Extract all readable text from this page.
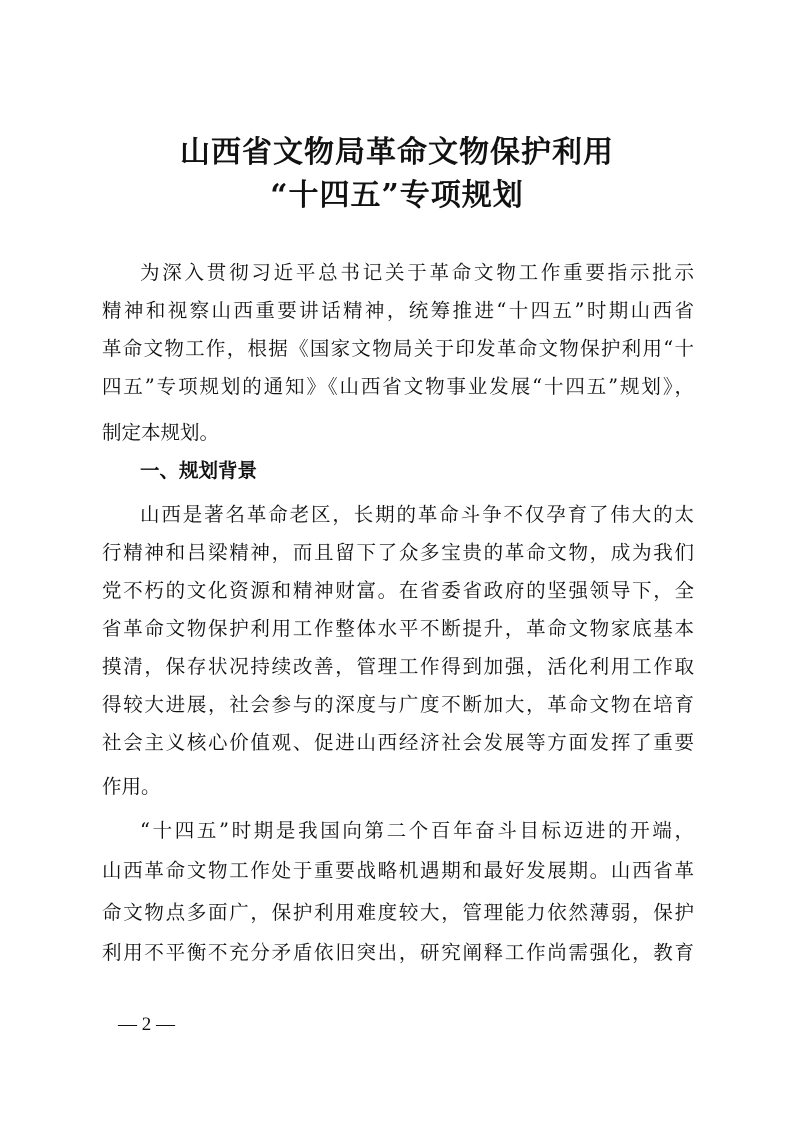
山西省文物局革命文物保护利用
“十四五”专项规划

为深入贯彻习近平总书记关于革命文物工作重要指示批示

精神和视察山西重要讲话精神，统筹推进“十四五”时期山西省

革命文物工作，根据《国家文物局关于印发革命文物保护利用“十

四五”专项规划的通知》《山西省文物事业发展“十四五”规划》，

制定本规划。

一、规划背景

山西是著名革命老区，长期的革命斗争不仅孕育了伟大的太

行精神和吕梁精神，而且留下了众多宝贵的革命文物，成为我们

党不朽的文化资源和精神财富。在省委省政府的坚强领导下，全

省革命文物保护利用工作整体水平不断提升，革命文物家底基本

摸清，保存状况持续改善，管理工作得到加强，活化利用工作取

得较大进展，社会参与的深度与广度不断加大，革命文物在培育

社会主义核心价值观、促进山西经济社会发展等方面发挥了重要

作用。

“十四五”时期是我国向第二个百年奋斗目标迈进的开端，

山西革命文物工作处于重要战略机遇期和最好发展期。山西省革

命文物点多面广，保护利用难度较大，管理能力依然薄弱，保护

利用不平衡不充分矛盾依旧突出，研究阐释工作尚需强化，教育

— 2 —
